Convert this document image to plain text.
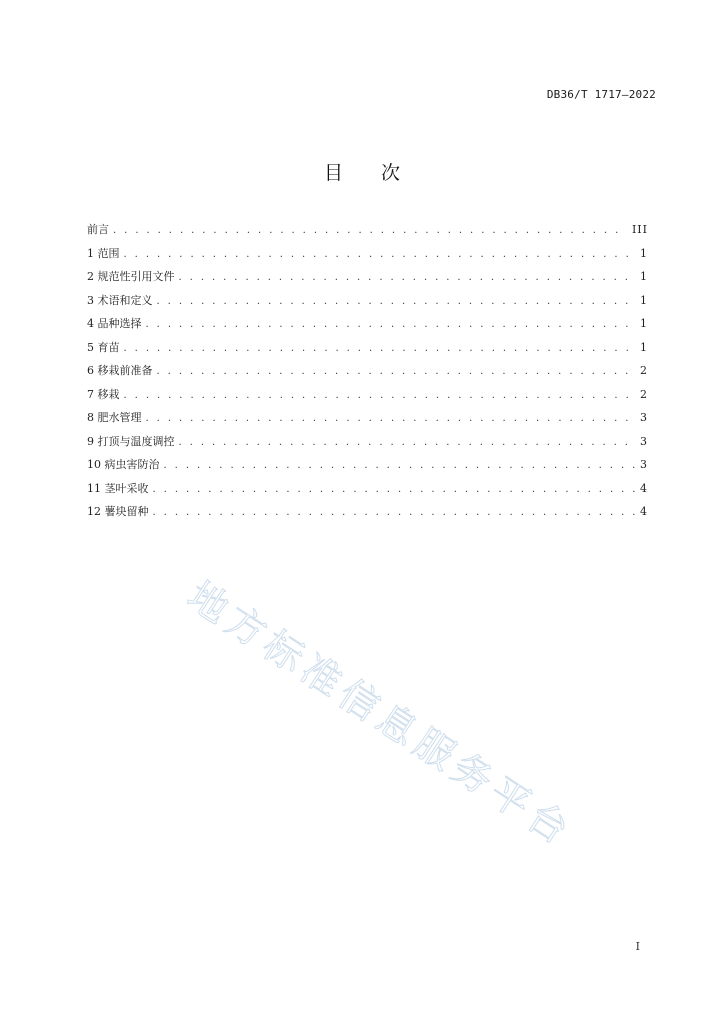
DB36/T 1717—2022
目 次
前言 . . .	III
1 范围 . . .	1
2 规范性引用文件 . . .	1
3 术语和定义 . . .	1
4 品种选择 . . .	1
5 育苗 . . .	1
6 移栽前准备 . . .	2
7 移栽 . . .	2
8 肥水管理 . . .	3
9 打顶与温度调控 . . .	3
10 病虫害防治 . . .	3
11 茎叶采收 . . .	4
12 薯块留种 . . .	4
地方标准信息服务平台
I
